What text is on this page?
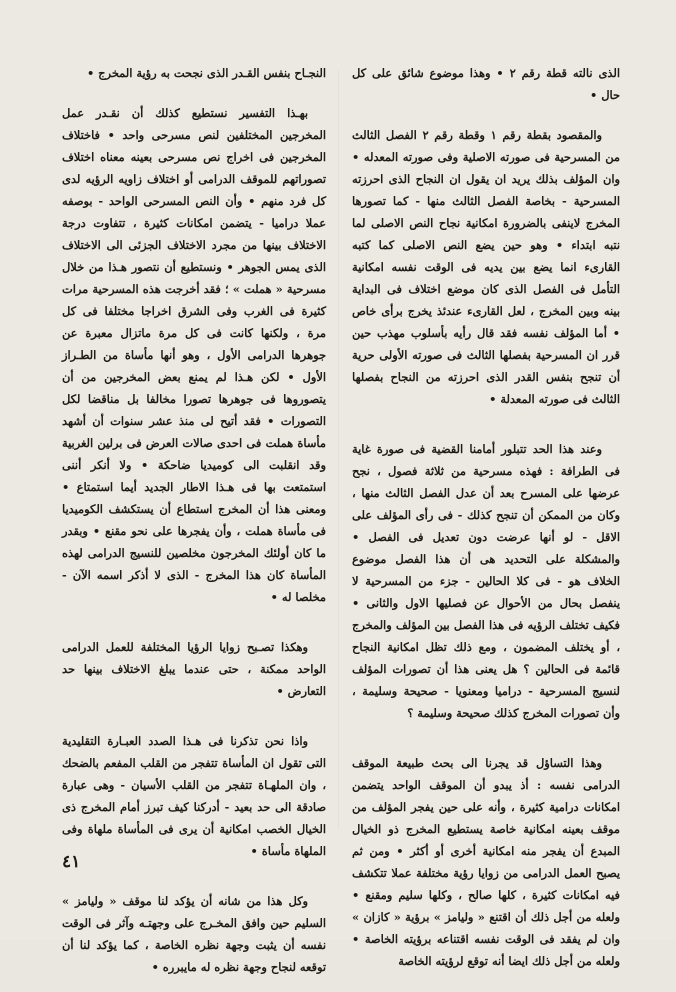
الذى نالته قطة رقم ٢ • وهذا موضوع شائق على كل حال •

والمقصود بقطة رقم ١ وقطة رقم ٢ الفصل الثالث من المسرحية فى صورته الاصلية وفى صورته المعدله • وان المؤلف بذلك يريد ان يقول ان النجاح الذى احرزته المسرحية - بخاصة الفصل الثالث منها - كما تصورها المخرج لاينفى بالضرورة امكانية نجاح النص الاصلى لما نتبه ابتداء • وهو حين يضع النص الاصلى كما كتبه القارىء انما يضع بين يديه فى الوقت نفسه امكانية التأمل فى الفصل الذى كان موضع اختلاف فى البداية بينه وبين المخرج ، لعل القارىء عندئذ يخرج برأى خاص • أما المؤلف نفسه فقد قال رأيه بأسلوب مهذب حين قرر ان المسرحية بفصلها الثالث فى صورته الأولى حرية أن تنجح بنفس القدر الذى احرزته من النجاح بفصلها الثالث فى صورته المعدلة •

وعند هذا الحد تتبلور أمامنا القضية فى صورة غاية فى الطرافة : فهذه مسرحية من ثلاثة فصول ، نجح عرضها على المسرح بعد أن عدل الفصل الثالث منها ، وكان من الممكن أن تنجح كذلك - فى رأى المؤلف على الاقل - لو أنها عرضت دون تعديل فى الفصل • والمشكلة على التحديد هى أن هذا الفصل موضوع الخلاف هو - فى كلا الحالين - جزء من المسرحية لا ينفصل بحال من الأحوال عن فصليها الاول والثانى • فكيف تختلف الرؤيه فى هذا الفصل بين المؤلف والمخرج ، أو يختلف المضمون ، ومع ذلك تظل امكانية النجاح قائمة فى الحالين ؟ هل يعنى هذا أن تصورات المؤلف لنسيج المسرحية - دراميا ومعنويا - صحيحة وسليمة ، وأن تصورات المخرج كذلك صحيحة وسليمة ؟

وهذا التساؤل قد يجرنا الى بحث طبيعة الموقف الدرامى نفسه : أذ يبدو أن الموقف الواحد يتضمن امكانات درامية كثيرة ، وأنه على حين يفجر المؤلف من موقف بعينه امكانية خاصة يستطيع المخرج ذو الخيال المبدع أن يفجر منه امكانية أخرى أو أكثر • ومن ثم يصبح العمل الدرامى من زوايا رؤية مختلفة عملا تتكشف فيه امكانات كثيرة ، كلها صالح ، وكلها سليم ومقنع • ولعله من أجل ذلك أن اقتنع « وليامز » برؤية « كازان » وان لم يفقد فى الوقت نفسه اقتناعه برؤيته الخاصة • ولعله من أجل ذلك ايضا أنه توقع لرؤيته الخاصة

النجـاح بنفس القـدر الذى نجحت به رؤية المخرج •

بهـذا التفسير نستطيع كذلك أن نقـدر عمل المخرجين المختلفين لنص مسرحى واحد • فاختلاف المخرجين فى اخراج نص مسرحى بعينه معناه اختلاف تصوراتهم للموقف الدرامى أو اختلاف زاويه الرؤيه لدى كل فرد منهم • وأن النص المسرحى الواحد - بوصفه عملا دراميا - يتضمن امكانات كثيرة ، تتفاوت درجة الاختلاف بينها من مجرد الاختلاف الجزئى الى الاختلاف الذى يمس الجوهر • ونستطيع أن نتصور هـذا من خلال مسرحية « هملت » ؛ فقد أخرجت هذه المسرحية مرات كثيرة فى الغرب وفى الشرق اخراجا مختلفا فى كل مرة ، ولكنها كانت فى كل مرة ماتزال معبرة عن جوهرها الدرامى الأول ، وهو أنها مأساة من الطـراز الأول • لكن هـذا لم يمنع بعض المخرجين من أن يتصوروها فى جوهرها تصورا مخالفا بل مناقضا لكل التصورات • فقد أتيح لى منذ عشر سنوات أن أشهد مأساة هملت فى احدى صالات العرض فى برلين الغربية وقد انقلبت الى كوميديا ضاحكة • ولا أنكر أننى استمتعت بها فى هـذا الاطار الجديد أيما استمتاع • ومعنى هذا أن المخرج استطاع أن يستكشف الكوميديا فى مأساة هملت ، وأن يفجرها على نحو مقنع • وبقدر ما كان أولئك المخرجون مخلصين للنسيج الدرامى لهذه المأساة كان هذا المخرج - الذى لا أذكر اسمه الآن - مخلصا له •

وهكذا تصـبح زوايا الرؤيا المختلفة للعمل الدرامى الواحد ممكنة ، حتى عندما يبلغ الاختلاف بينها حد التعارض •

واذا نحن تذكرنا فى هـذا الصدد العبـارة التقليدية التى تقول ان المأساة تتفجر من القلب المفعم بالضحك ، وان الملهـاة تتفجر من القلب الأسيان - وهى عبارة صادقة الى حد بعيد - أدركنا كيف تبرز أمام المخرج ذى الخيال الخصب امكانية أن يرى فى المأساة ملهاة وفى الملهاة مأساة •

وكل هذا من شانه أن يؤكد لنا موقف « وليامز » السليم حين وافق المخـرج على وجهتـه وآثر فى الوقت نفسه أن يثبت وجهة نظره الخاصة ، كما يؤكد لنا أن توقعه لنجاح وجهة نظره له مايبرره •

٤١
